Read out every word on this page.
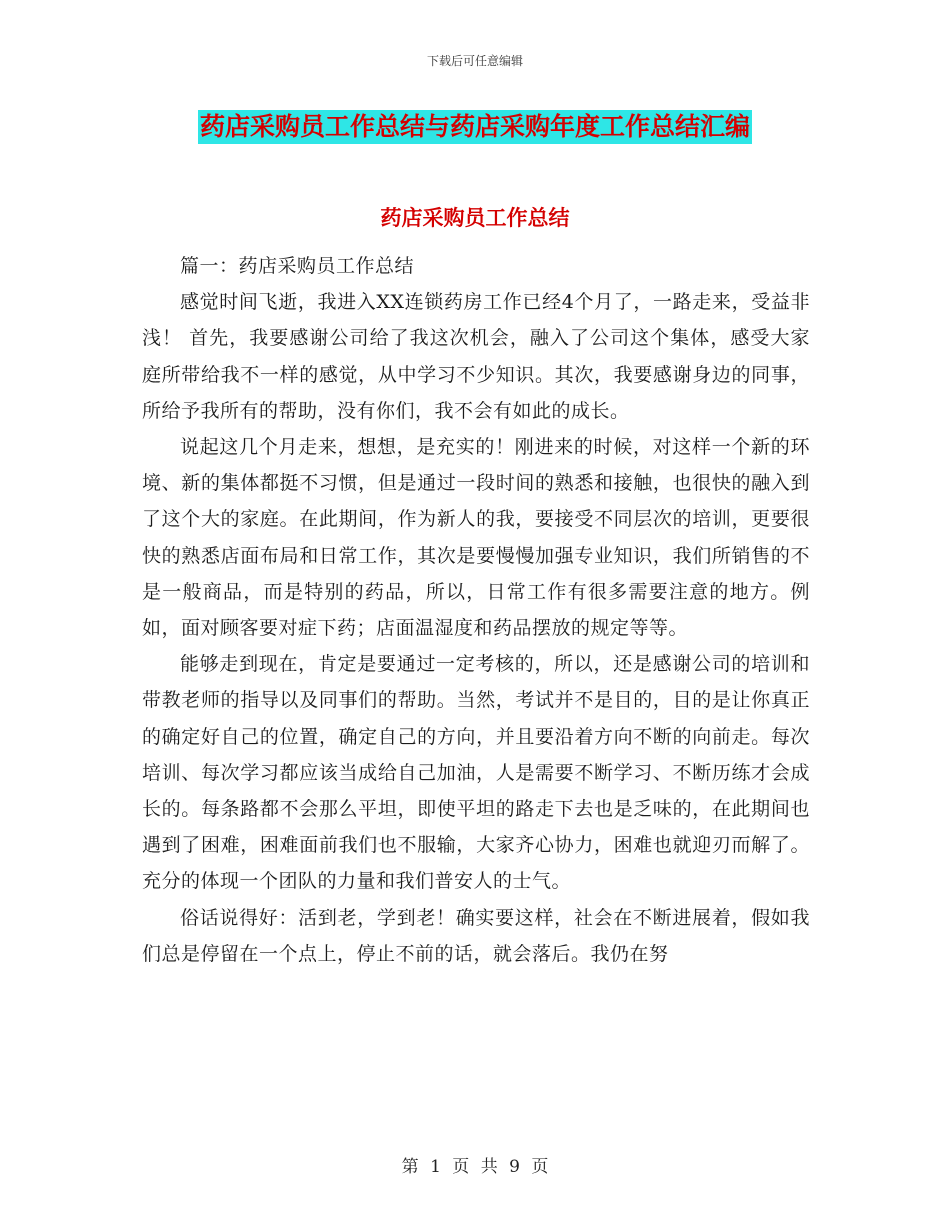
下载后可任意编辑
药店采购员工作总结与药店采购年度工作总结汇编
药店采购员工作总结

篇一：药店采购员工作总结

感觉时间飞逝，我进入XX连锁药房工作已经4个月了，一路走来，受益非浅！ 首先，我要感谢公司给了我这次机会，融入了公司这个集体，感受大家庭所带给我不一样的感觉，从中学习不少知识。其次，我要感谢身边的同事，所给予我所有的帮助，没有你们，我不会有如此的成长。

说起这几个月走来，想想，是充实的！刚进来的时候，对这样一个新的环境、新的集体都挺不习惯，但是通过一段时间的熟悉和接触，也很快的融入到了这个大的家庭。在此期间，作为新人的我，要接受不同层次的培训，更要很快的熟悉店面布局和日常工作，其次是要慢慢加强专业知识，我们所销售的不是一般商品，而是特别的药品，所以，日常工作有很多需要注意的地方。例如，面对顾客要对症下药；店面温湿度和药品摆放的规定等等。

能够走到现在，肯定是要通过一定考核的，所以，还是感谢公司的培训和带教老师的指导以及同事们的帮助。当然，考试并不是目的，目的是让你真正的确定好自己的位置，确定自己的方向，并且要沿着方向不断的向前走。每次培训、每次学习都应该当成给自己加油，人是需要不断学习、不断历练才会成长的。每条路都不会那么平坦，即使平坦的路走下去也是乏味的，在此期间也遇到了困难，困难面前我们也不服输，大家齐心协力，困难也就迎刃而解了。充分的体现一个团队的力量和我们普安人的士气。

俗话说得好：活到老，学到老！确实要这样，社会在不断进展着，假如我们总是停留在一个点上，停止不前的话，就会落后。我仍在努

第 1 页 共 9 页
